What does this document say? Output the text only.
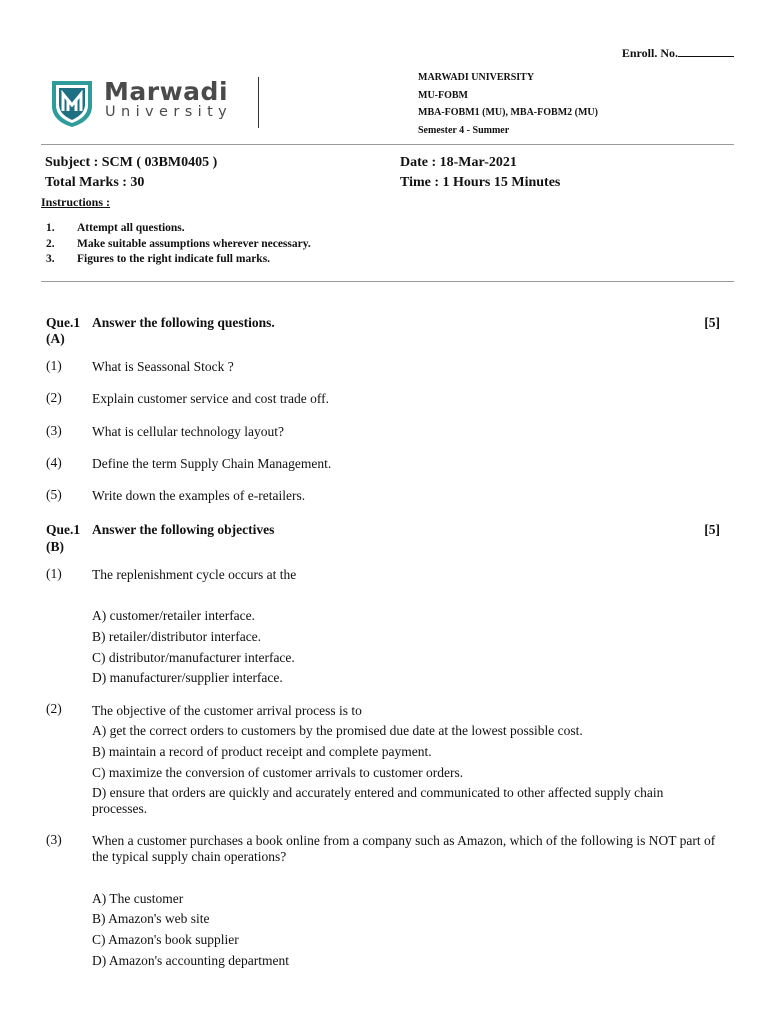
Enroll. No.
Marwadi
University
MARWADI UNIVERSITY
MU-FOBM
MBA-FOBM1 (MU), MBA-FOBM2 (MU)
Semester 4 - Summer
Subject : SCM ( 03BM0405 )	Date : 18-Mar-2021
Total Marks : 30	Time : 1 Hours 15 Minutes
Instructions :
1.	Attempt all questions.
2.	Make suitable assumptions wherever necessary.
3.	Figures to the right indicate full marks.
Que.1
(A)
Answer the following questions.	[5]
(1) What is Seassonal Stock ?
(2) Explain customer service and cost trade off.
(3) What is cellular technology layout?
(4) Define the term Supply Chain Management.
(5) Write down the examples of e-retailers.
Que.1
(B)
Answer the following objectives	[5]
(1) The replenishment cycle occurs at the
A) customer/retailer interface.
B) retailer/distributor interface.
C) distributor/manufacturer interface.
D) manufacturer/supplier interface.
(2) The objective of the customer arrival process is to
A) get the correct orders to customers by the promised due date at the lowest possible cost.
B) maintain a record of product receipt and complete payment.
C) maximize the conversion of customer arrivals to customer orders.
D) ensure that orders are quickly and accurately entered and communicated to other affected supply chain processes.
(3) When a customer purchases a book online from a company such as Amazon, which of the following is NOT part of the typical supply chain operations?
A) The customer
B) Amazon's web site
C) Amazon's book supplier
D) Amazon's accounting department
